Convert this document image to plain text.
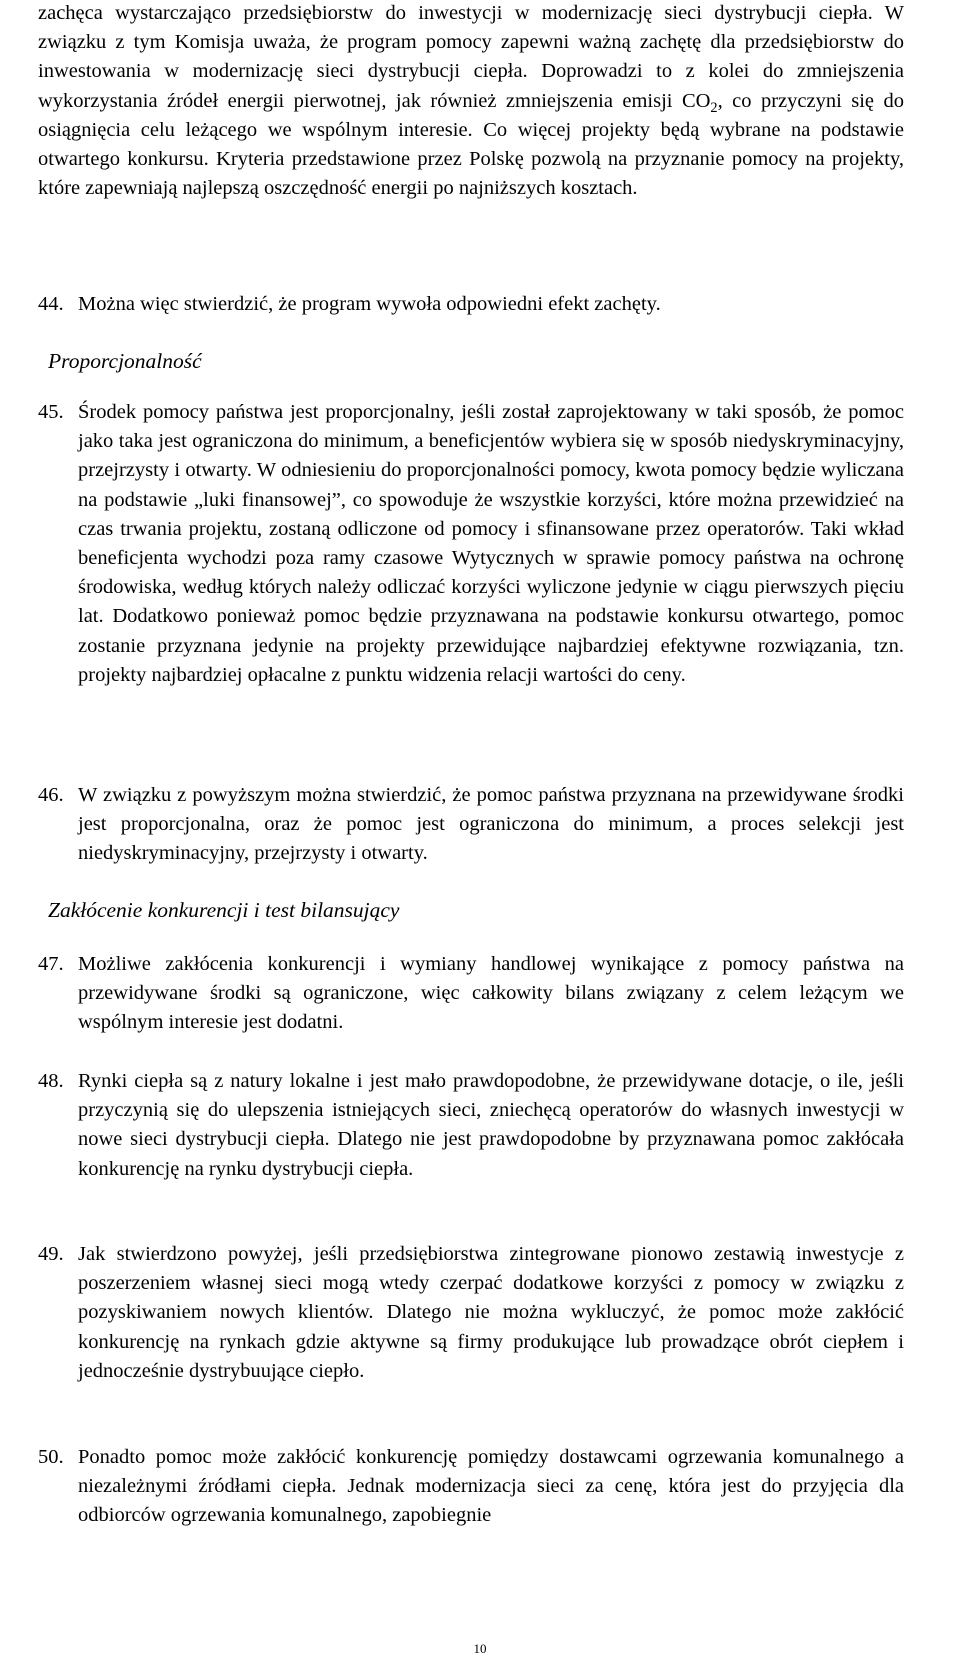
zachęca wystarczająco przedsiębiorstw do inwestycji w modernizację sieci dystrybucji ciepła. W związku z tym Komisja uważa, że program pomocy zapewni ważną zachętę dla przedsiębiorstw do inwestowania w modernizację sieci dystrybucji ciepła. Doprowadzi to z kolei do zmniejszenia wykorzystania źródeł energii pierwotnej, jak również zmniejszenia emisji $CO_2$, co przyczyni się do osiągnięcia celu leżącego we wspólnym interesie. Co więcej projekty będą wybrane na podstawie otwartego konkursu. Kryteria przedstawione przez Polskę pozwolą na przyznanie pomocy na projekty, które zapewniają najlepszą oszczędność energii po najniższych kosztach.

44. Można więc stwierdzić, że program wywoła odpowiedni efekt zachęty.
Proporcjonalność
45. Środek pomocy państwa jest proporcjonalny, jeśli został zaprojektowany w taki sposób, że pomoc jako taka jest ograniczona do minimum, a beneficjentów wybiera się w sposób niedyskryminacyjny, przejrzysty i otwarty. W odniesieniu do proporcjonalności pomocy, kwota pomocy będzie wyliczana na podstawie „luki finansowej”, co spowoduje że wszystkie korzyści, które można przewidzieć na czas trwania projektu, zostaną odliczone od pomocy i sfinansowane przez operatorów. Taki wkład beneficjenta wychodzi poza ramy czasowe Wytycznych w sprawie pomocy państwa na ochronę środowiska, według których należy odliczać korzyści wyliczone jedynie w ciągu pierwszych pięciu lat. Dodatkowo ponieważ pomoc będzie przyznawana na podstawie konkursu otwartego, pomoc zostanie przyznana jedynie na projekty przewidujące najbardziej efektywne rozwiązania, tzn. projekty najbardziej opłacalne z punktu widzenia relacji wartości do ceny.
46. W związku z powyższym można stwierdzić, że pomoc państwa przyznana na przewidywane środki jest proporcjonalna, oraz że pomoc jest ograniczona do minimum, a proces selekcji jest niedyskryminacyjny, przejrzysty i otwarty.
Zakłócenie konkurencji i test bilansujący
47. Możliwe zakłócenia konkurencji i wymiany handlowej wynikające z pomocy państwa na przewidywane środki są ograniczone, więc całkowity bilans związany z celem leżącym we wspólnym interesie jest dodatni.
48. Rynki ciepła są z natury lokalne i jest mało prawdopodobne, że przewidywane dotacje, o ile, jeśli przyczynią się do ulepszenia istniejących sieci, zniechęcą operatorów do własnych inwestycji w nowe sieci dystrybucji ciepła. Dlatego nie jest prawdopodobne by przyznawana pomoc zakłócała konkurencję na rynku dystrybucji ciepła.
49. Jak stwierdzono powyżej, jeśli przedsiębiorstwa zintegrowane pionowo zestawią inwestycje z poszerzeniem własnej sieci mogą wtedy czerpać dodatkowe korzyści z pomocy w związku z pozyskiwaniem nowych klientów. Dlatego nie można wykluczyć, że pomoc może zakłócić konkurencję na rynkach gdzie aktywne są firmy produkujące lub prowadzące obrót ciepłem i jednocześnie dystrybuujące ciepło.
50. Ponadto pomoc może zakłócić konkurencję pomiędzy dostawcami ogrzewania komunalnego a niezależnymi źródłami ciepła. Jednak modernizacja sieci za cenę, która jest do przyjęcia dla odbiorców ogrzewania komunalnego, zapobiegnie
10
